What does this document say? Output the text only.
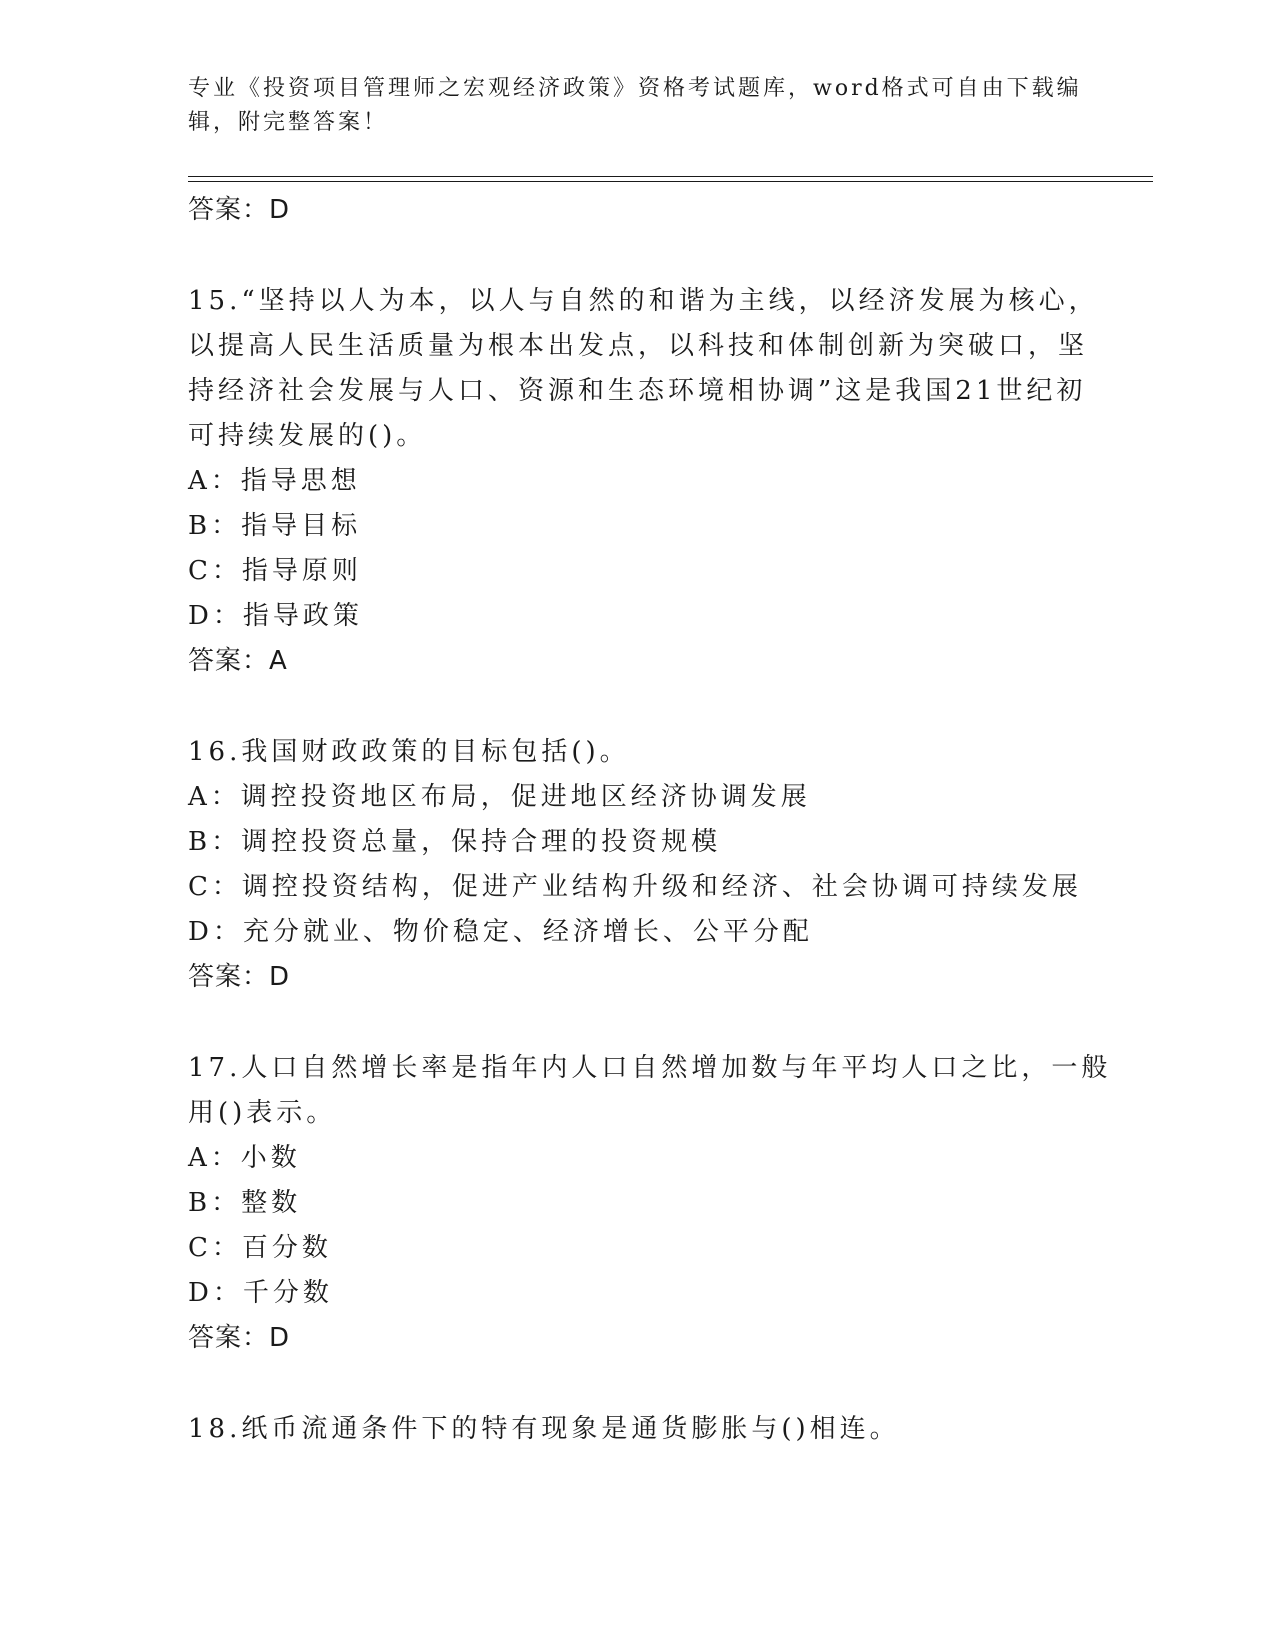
专业《投资项目管理师之宏观经济政策》资格考试题库，word格式可自由下载编
辑，附完整答案！
答案：D
15.“坚持以人为本，以人与自然的和谐为主线，以经济发展为核心，
以提高人民生活质量为根本出发点，以科技和体制创新为突破口，坚
持经济社会发展与人口、资源和生态环境相协调”这是我国21世纪初
可持续发展的()。
A：指导思想
B：指导目标
C：指导原则
D：指导政策
答案：A
16.我国财政政策的目标包括()。
A：调控投资地区布局，促进地区经济协调发展
B：调控投资总量，保持合理的投资规模
C：调控投资结构，促进产业结构升级和经济、社会协调可持续发展
D：充分就业、物价稳定、经济增长、公平分配
答案：D
17.人口自然增长率是指年内人口自然增加数与年平均人口之比，一般
用()表示。
A：小数
B：整数
C：百分数
D：千分数
答案：D
18.纸币流通条件下的特有现象是通货膨胀与()相连。
